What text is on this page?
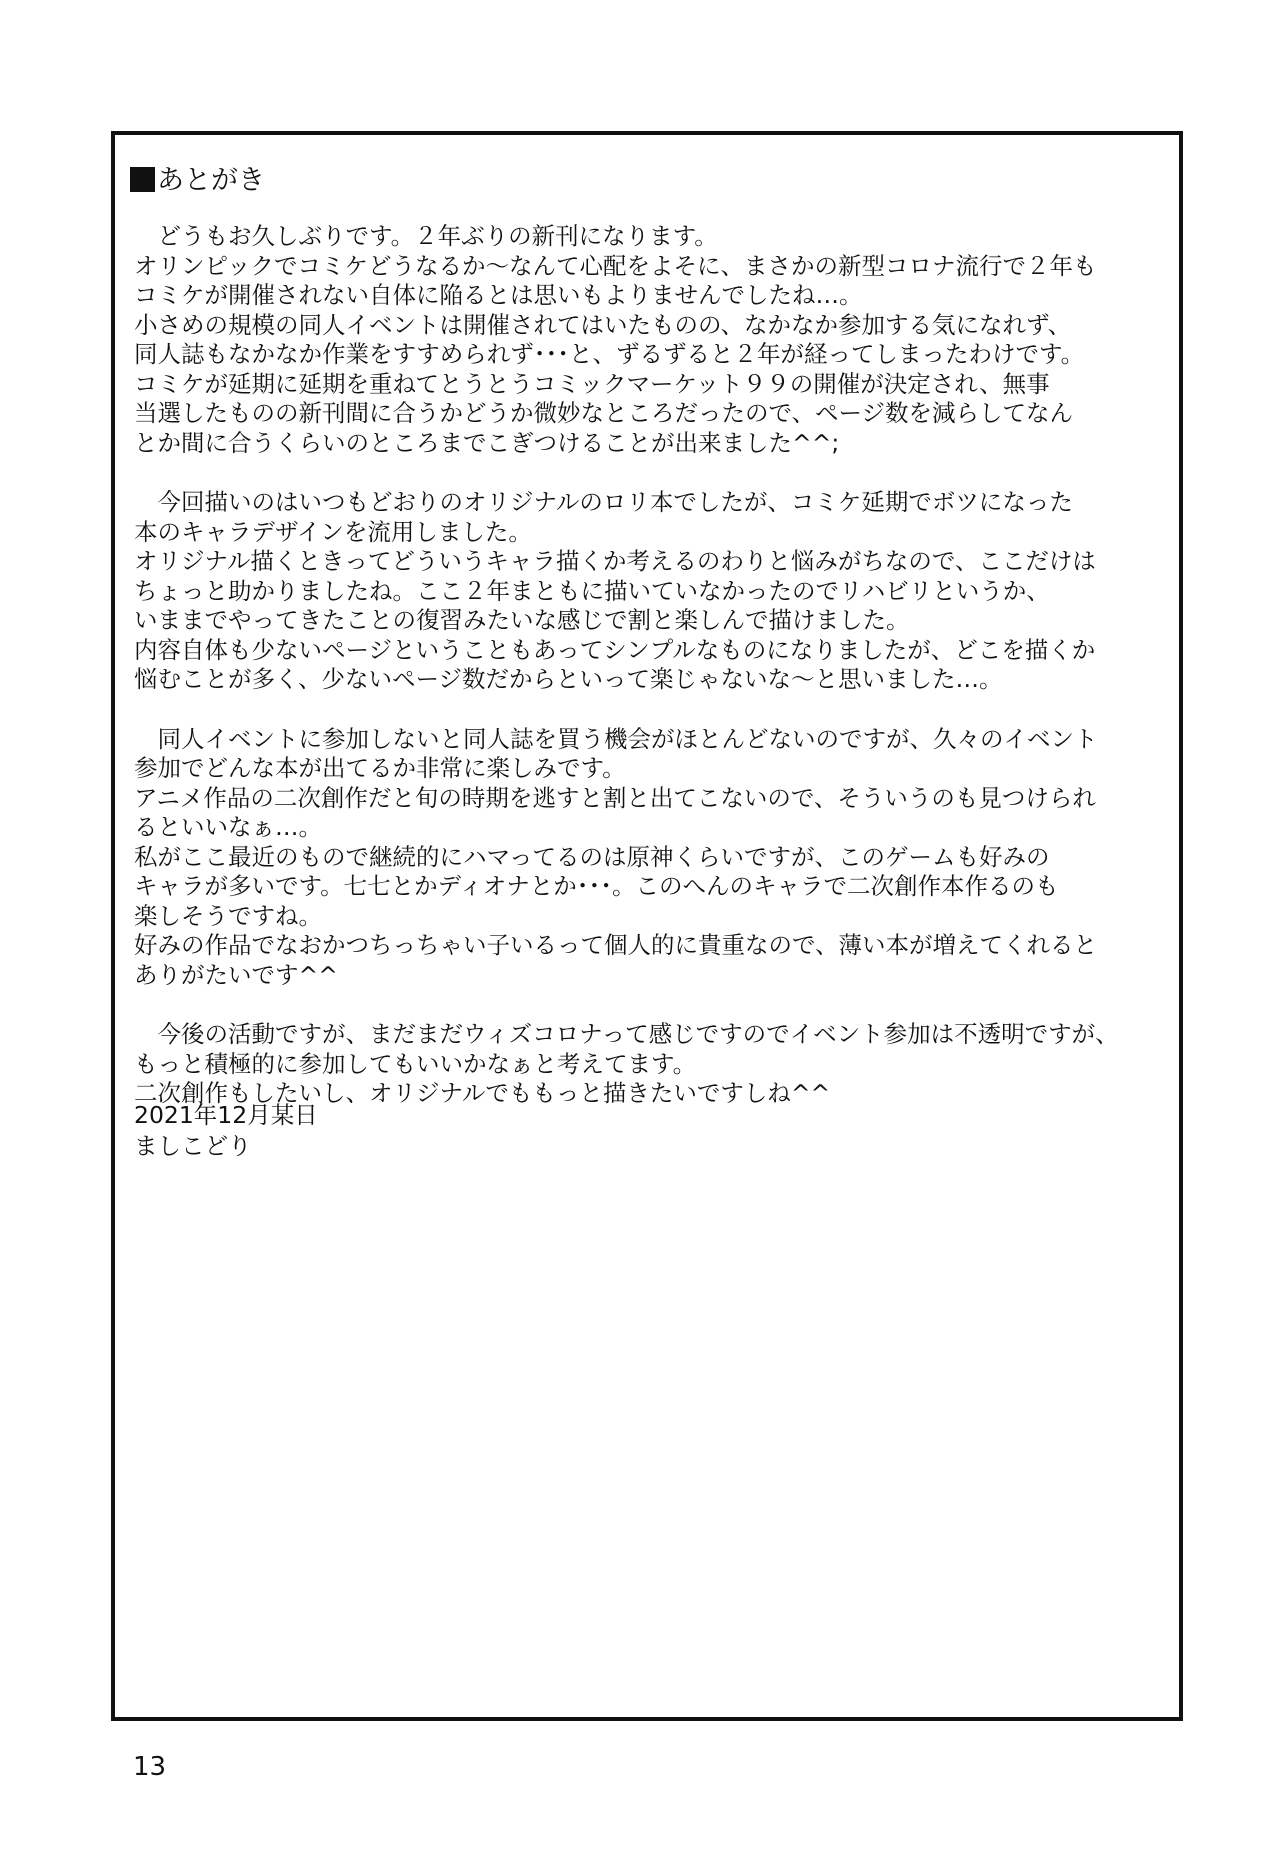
あとがき
　どうもお久しぶりです。２年ぶりの新刊になります。
オリンピックでコミケどうなるか〜なんて心配をよそに、まさかの新型コロナ流行で２年も
コミケが開催されない自体に陥るとは思いもよりませんでしたね…。
小さめの規模の同人イベントは開催されてはいたものの、なかなか参加する気になれず、
同人誌もなかなか作業をすすめられず･･･と、ずるずると２年が経ってしまったわけです。
コミケが延期に延期を重ねてとうとうコミックマーケット９９の開催が決定され、無事
当選したものの新刊間に合うかどうか微妙なところだったので、ページ数を減らしてなん
とか間に合うくらいのところまでこぎつけることが出来ました^^;
　今回描いのはいつもどおりのオリジナルのロリ本でしたが、コミケ延期でボツになった
本のキャラデザインを流用しました。
オリジナル描くときってどういうキャラ描くか考えるのわりと悩みがちなので、ここだけは
ちょっと助かりましたね。ここ２年まともに描いていなかったのでリハビリというか、
いままでやってきたことの復習みたいな感じで割と楽しんで描けました。
内容自体も少ないページということもあってシンプルなものになりましたが、どこを描くか
悩むことが多く、少ないページ数だからといって楽じゃないな〜と思いました…。
　同人イベントに参加しないと同人誌を買う機会がほとんどないのですが、久々のイベント
参加でどんな本が出てるか非常に楽しみです。
アニメ作品の二次創作だと旬の時期を逃すと割と出てこないので、そういうのも見つけられ
るといいなぁ…。
私がここ最近のもので継続的にハマってるのは原神くらいですが、このゲームも好みの
キャラが多いです。七七とかディオナとか･･･。このへんのキャラで二次創作本作るのも
楽しそうですね。
好みの作品でなおかつちっちゃい子いるって個人的に貴重なので、薄い本が増えてくれると
ありがたいです^^
　今後の活動ですが、まだまだウィズコロナって感じですのでイベント参加は不透明ですが、
もっと積極的に参加してもいいかなぁと考えてます。
二次創作もしたいし、オリジナルでももっと描きたいですしね^^
2021年12月某日
ましこどり
13
